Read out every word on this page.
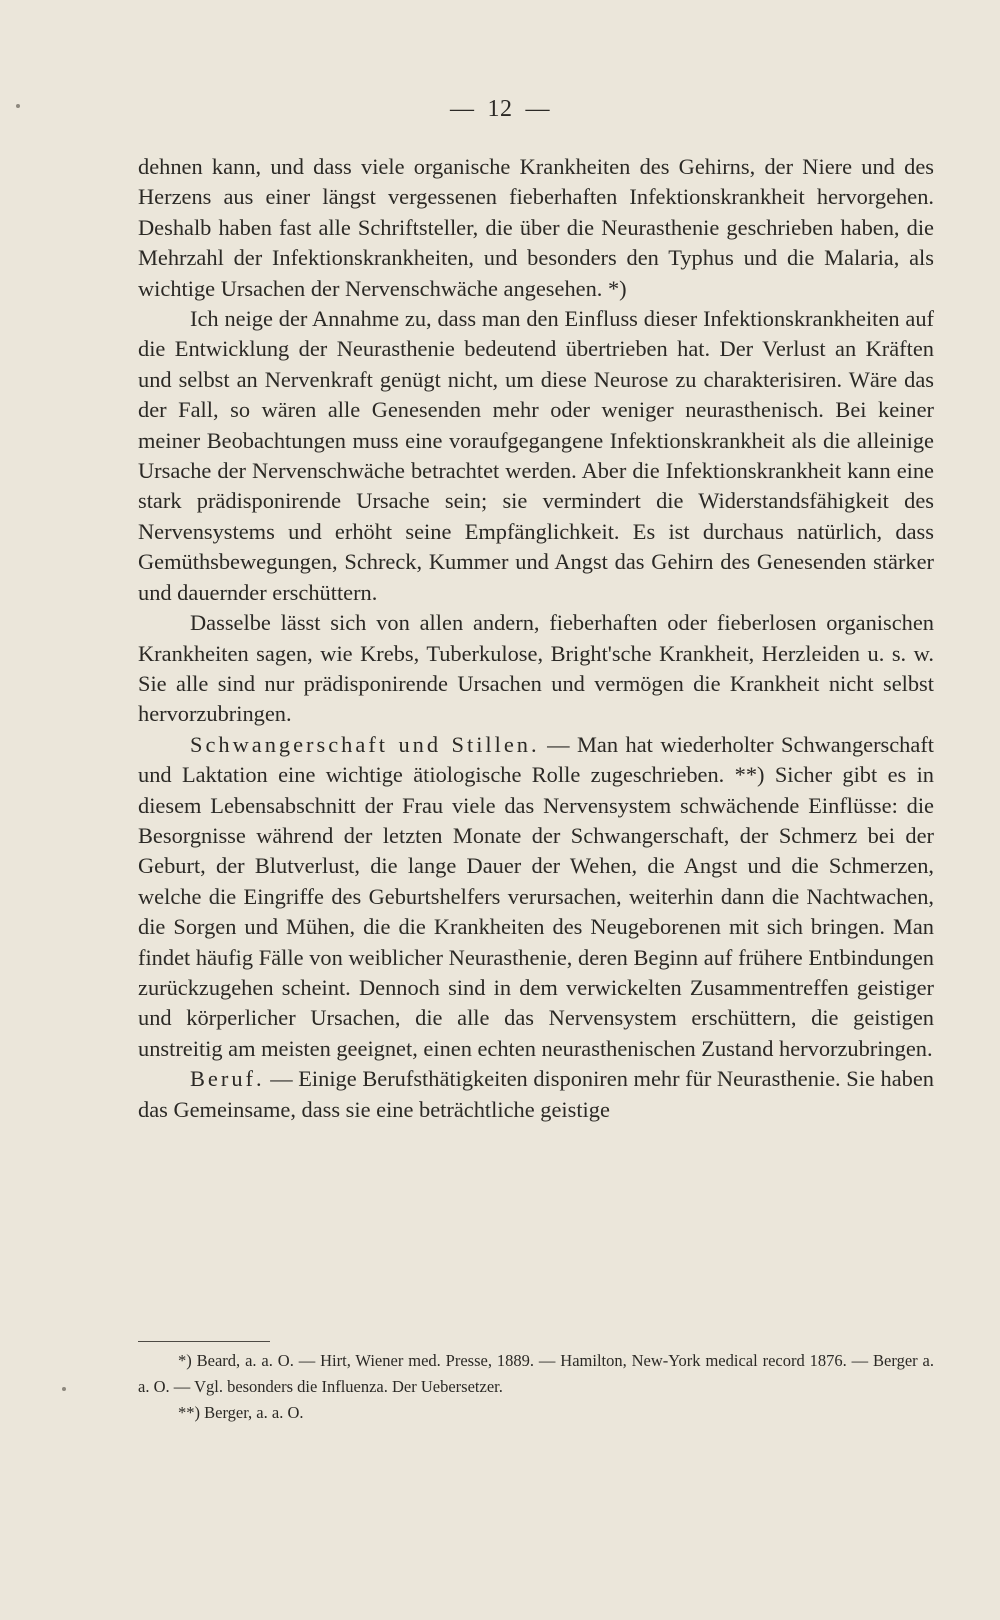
—  12  —

dehnen kann, und dass viele organische Krankheiten des Gehirns, der Niere und des Herzens aus einer längst vergessenen fieberhaften Infektionskrankheit hervorgehen. Deshalb haben fast alle Schriftsteller, die über die Neurasthenie geschrieben haben, die Mehrzahl der Infektionskrankheiten, und besonders den Typhus und die Malaria, als wichtige Ursachen der Nervenschwäche angesehen. *)

Ich neige der Annahme zu, dass man den Einfluss dieser Infektionskrankheiten auf die Entwicklung der Neurasthenie bedeutend übertrieben hat. Der Verlust an Kräften und selbst an Nervenkraft genügt nicht, um diese Neurose zu charakterisiren. Wäre das der Fall, so wären alle Genesenden mehr oder weniger neurasthenisch. Bei keiner meiner Beobachtungen muss eine voraufgegangene Infektionskrankheit als die alleinige Ursache der Nervenschwäche betrachtet werden. Aber die Infektionskrankheit kann eine stark prädisponirende Ursache sein; sie vermindert die Widerstandsfähigkeit des Nervensystems und erhöht seine Empfänglichkeit. Es ist durchaus natürlich, dass Gemüthsbewegungen, Schreck, Kummer und Angst das Gehirn des Genesenden stärker und dauernder erschüttern.

Dasselbe lässt sich von allen andern, fieberhaften oder fieberlosen organischen Krankheiten sagen, wie Krebs, Tuberkulose, Bright'sche Krankheit, Herzleiden u. s. w. Sie alle sind nur prädisponirende Ursachen und vermögen die Krankheit nicht selbst hervorzubringen.

Schwangerschaft und Stillen. — Man hat wiederholter Schwangerschaft und Laktation eine wichtige ätiologische Rolle zugeschrieben. **) Sicher gibt es in diesem Lebensabschnitt der Frau viele das Nervensystem schwächende Einflüsse: die Besorgnisse während der letzten Monate der Schwangerschaft, der Schmerz bei der Geburt, der Blutverlust, die lange Dauer der Wehen, die Angst und die Schmerzen, welche die Eingriffe des Geburtshelfers verursachen, weiterhin dann die Nachtwachen, die Sorgen und Mühen, die die Krankheiten des Neugeborenen mit sich bringen. Man findet häufig Fälle von weiblicher Neurasthenie, deren Beginn auf frühere Entbindungen zurückzugehen scheint. Dennoch sind in dem verwickelten Zusammentreffen geistiger und körperlicher Ursachen, die alle das Nervensystem erschüttern, die geistigen unstreitig am meisten geeignet, einen echten neurasthenischen Zustand hervorzubringen.

Beruf. — Einige Berufsthätigkeiten disponiren mehr für Neurasthenie. Sie haben das Gemeinsame, dass sie eine beträchtliche geistige

*) Beard, a. a. O. — Hirt, Wiener med. Presse, 1889. — Hamilton, New-York medical record 1876. — Berger a. a. O. — Vgl. besonders die Influenza. Der Uebersetzer.

**) Berger, a. a. O.
